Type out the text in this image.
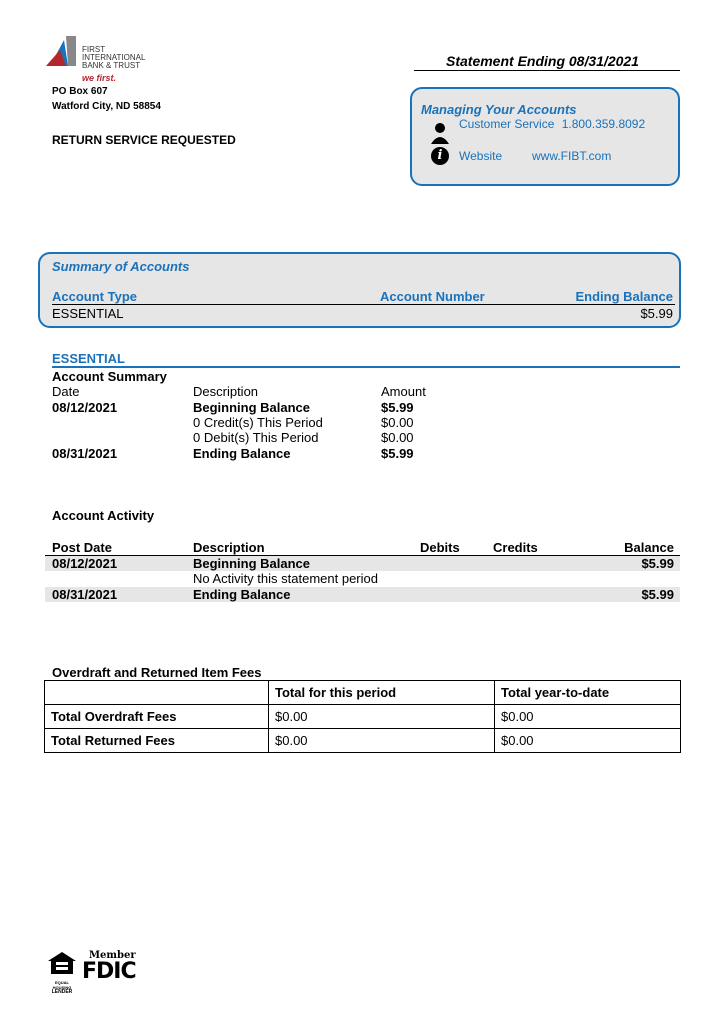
FIRST
INTERNATIONAL
BANK & TRUST
we first.
PO Box 607
Watford City, ND 58854
RETURN SERVICE REQUESTED
Statement Ending 08/31/2021
Managing Your Accounts
Customer Service 1.800.359.8092
i	Website www.FIBT.com
Summary of Accounts
Account Type	Account Number	Ending Balance
ESSENTIAL	$5.99
ESSENTIAL
Account Summary
Date	Description	Amount
08/12/2021	Beginning Balance	$5.99
0 Credit(s) This Period	$0.00
0 Debit(s) This Period	$0.00
08/31/2021	Ending Balance	$5.99
Account Activity
Post Date	Description	Debits	Credits	Balance
08/12/2021	Beginning Balance	$5.99
No Activity this statement period
08/31/2021	Ending Balance	$5.99
Overdraft and Returned Item Fees
	Total for this period	Total year-to-date
Total Overdraft Fees	$0.00	$0.00
Total Returned Fees	$0.00	$0.00
EQUAL HOUSING
LENDER
Member
FDIC
